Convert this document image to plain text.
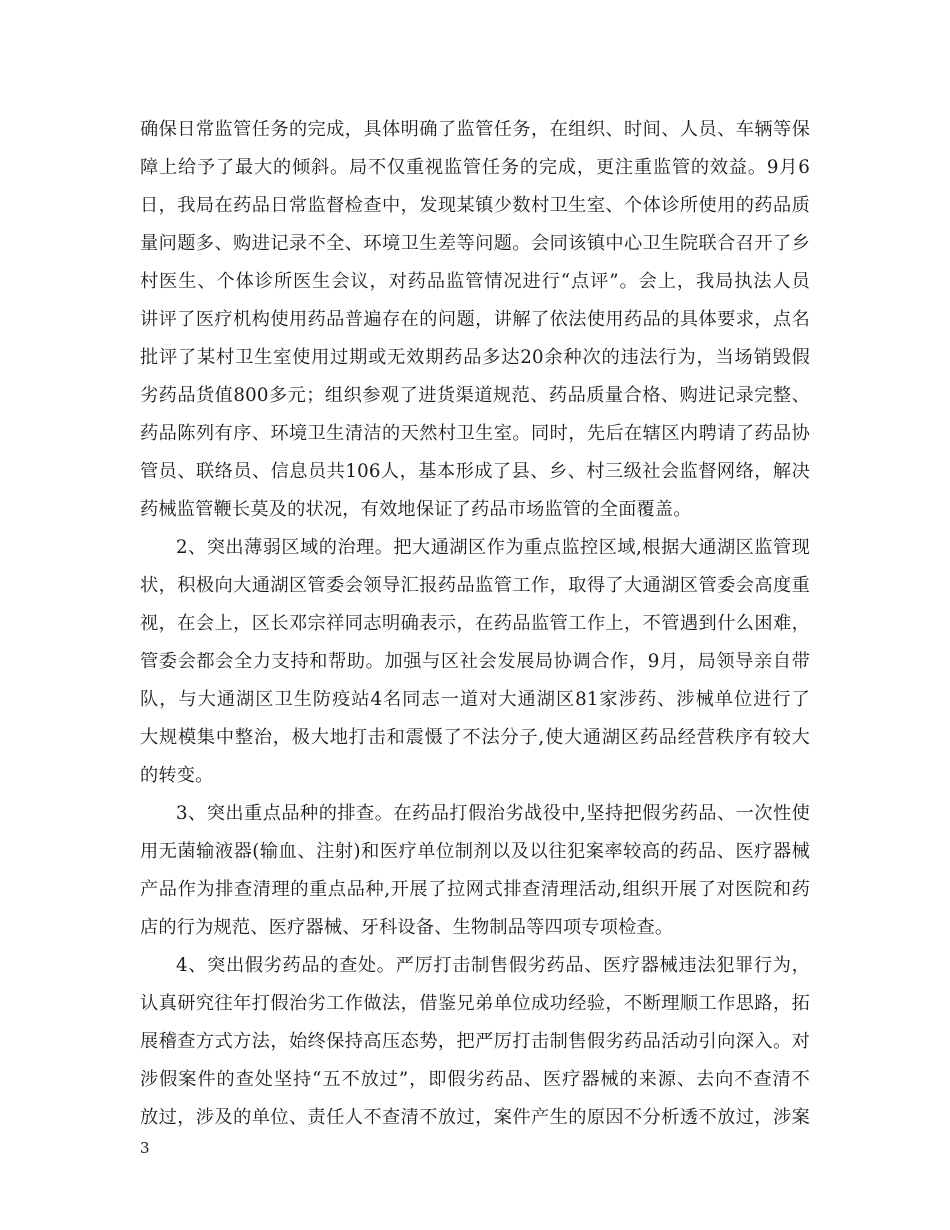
确保日常监管任务的完成，具体明确了监管任务，在组织、时间、人员、车辆等保
障上给予了最大的倾斜。局不仅重视监管任务的完成，更注重监管的效益。9月6
日，我局在药品日常监督检查中，发现某镇少数村卫生室、个体诊所使用的药品质
量问题多、购进记录不全、环境卫生差等问题。会同该镇中心卫生院联合召开了乡
村医生、个体诊所医生会议，对药品监管情况进行“点评”。会上，我局执法人员
讲评了医疗机构使用药品普遍存在的问题，讲解了依法使用药品的具体要求，点名
批评了某村卫生室使用过期或无效期药品多达20余种次的违法行为，当场销毁假
劣药品货值800多元；组织参观了进货渠道规范、药品质量合格、购进记录完整、
药品陈列有序、环境卫生清洁的天然村卫生室。同时，先后在辖区内聘请了药品协
管员、联络员、信息员共106人，基本形成了县、乡、村三级社会监督网络，解决
药械监管鞭长莫及的状况，有效地保证了药品市场监管的全面覆盖。
2、突出薄弱区域的治理。把大通湖区作为重点监控区域,根据大通湖区监管现
状，积极向大通湖区管委会领导汇报药品监管工作，取得了大通湖区管委会高度重
视，在会上，区长邓宗祥同志明确表示，在药品监管工作上，不管遇到什么困难，
管委会都会全力支持和帮助。加强与区社会发展局协调合作，9月，局领导亲自带
队，与大通湖区卫生防疫站4名同志一道对大通湖区81家涉药、涉械单位进行了
大规模集中整治，极大地打击和震慑了不法分子,使大通湖区药品经营秩序有较大
的转变。
3、突出重点品种的排查。在药品打假治劣战役中,坚持把假劣药品、一次性使
用无菌输液器(输血、注射)和医疗单位制剂以及以往犯案率较高的药品、医疗器械
产品作为排查清理的重点品种,开展了拉网式排查清理活动,组织开展了对医院和药
店的行为规范、医疗器械、牙科设备、生物制品等四项专项检查。
4、突出假劣药品的查处。严厉打击制售假劣药品、医疗器械违法犯罪行为，
认真研究往年打假治劣工作做法，借鉴兄弟单位成功经验，不断理顺工作思路，拓
展稽查方式方法，始终保持高压态势，把严厉打击制售假劣药品活动引向深入。对
涉假案件的查处坚持“五不放过”，即假劣药品、医疗器械的来源、去向不查清不
放过，涉及的单位、责任人不查清不放过，案件产生的原因不分析透不放过，涉案
3
